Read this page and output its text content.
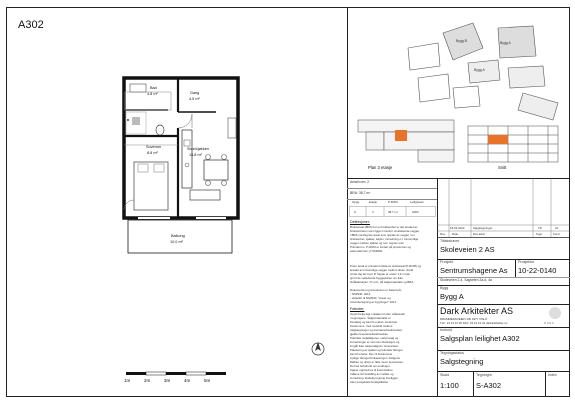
A302
Bad
4.8 m²	Gang
4.5 m²
Stue/kjøkken
15.8 m²
Soverom
8.8 m²
Balkong
10.0 m²
1m	2m	3m	4m	5m
Bygg B	Bygg A
Bygg A
Plan 3 etasje	Snitt
Antall rom: 2
BRA: 38,7 m²
Oppg.	Etasje	P-ROM	Leiligheten
A	3	38,7 m²	A302
Definisjoner:
Bruksareal (BRA) for en bruksenhet er det arealet av
bruksenheten som ligger innenfor omsluttende vegger.
I BRA medregnes areal som opptas av vegger i en
bruksenhet, sjakter, søyler, innredning o.l. Innvendige
vegger mellom sjakter og rom regnes som
Primærrom. P-ROM er fordelt på primærrom og
sekundærrom, jf NS3940.
Prom areal er primærromdelens nettoareal (P-ROM) og
arealet av innvendige vegger mellom disse. Areal
under lag lav hvor fri høyde er under 1,9 m kan
gis til de veiledende byggeplaner om ikke
skråtak/søyler / P-rom, på salgsmateriale og BRA.
Dokumentet og leveransen er basert på:
- NS3940: 2012
- Veileder til NS3940: "Areal- og
volumberegning av bygninger" 2012
Fotnoter:
Opprinnelig lagt i skalaen til den målestokk
i tegningene. Salgsmaterialet er
foreløpig og kan bli endret. Avvik kan
forekomme. Ved motstrid mellom
salgstegninger og leveransebeskrivelsen
gjelder leveransebeskrivelsen.
Tekniske installasjoner, utstyrsvalg og
innredninger er vist som illustrasjon og
inngår ikke nødvendigvis i leveransen.
Plassering av sjakter og tekniske føringer
kan bli endret. Det vil forekomme
synlige føringer/innkassinger i boligene.
Møbler og utstyr er ikke med i leveransen.
Det tas forbehold om endringer.
Kjøper oppfordres til å kontrollere
målene før bestilling av møbler og
innredning. Endelig tegning foreligger
etter prosjektets ferdigstillelse.
18.04.2022	Salgstegninger	TR	AJ
Rev. Dato	Rev.tekst	Tegn	Kontr.
Tiltakshaver
Skoleveien 2 AS
Prosjekt
Sentrumshagene As
Prosjektnr.
10-22-0140
Skoleveien 2-4, Sagveien 2a-d, 4a
Bygg
Bygg A
Dark Arkitekter AS
DRAMMENSVEIEN 130 0277 OSLO
TLF: 23 13 12 00 FAX: 23 13 12 01 darkarkitekter.no	D A R K
Innhold
Salgsplan leilighet A302
Tegningsstatus
Salgstegning
Skala
1:100
Tegningnr.
S-A302
Index
